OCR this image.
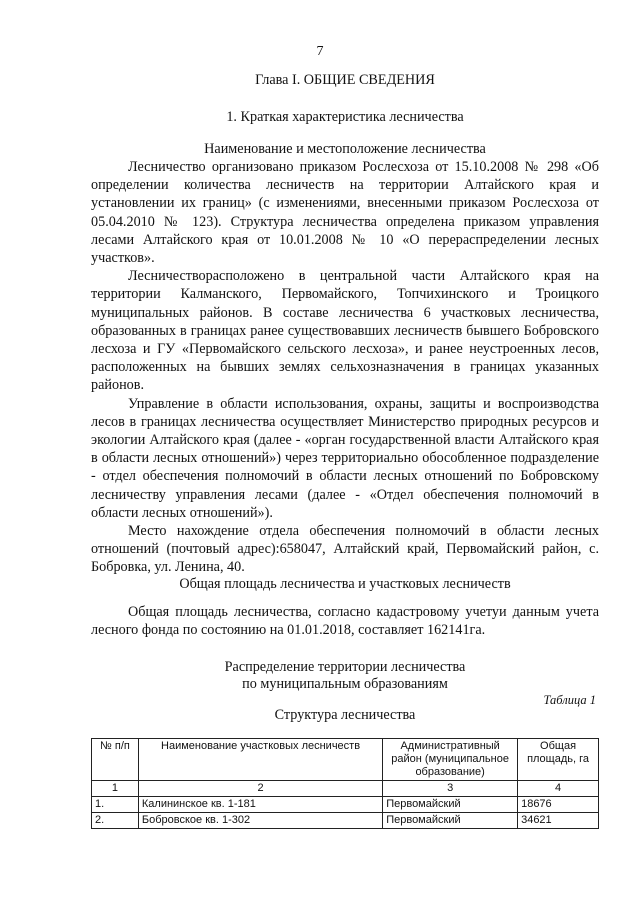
7
Глава I. ОБЩИЕ СВЕДЕНИЯ
1. Краткая характеристика лесничества
Наименование и местоположение лесничества

Лесничество организовано приказом Рослесхоза от 15.10.2008 № 298 «Об определении количества лесничеств на территории Алтайского края и установлении их границ» (с изменениями, внесенными приказом Рослесхоза от 05.04.2010 № 123). Структура лесничества определена приказом управления лесами Алтайского края от 10.01.2008 № 10 «О перераспределении лесных участков».

Лесничестворасположено в центральной части Алтайского края на территории Калманского, Первомайского, Топчихинского и Троицкого муниципальных районов. В составе лесничества 6 участковых лесничества, образованных в границах ранее существовавших лесничеств бывшего Бобровского лесхоза и ГУ «Первомайского сельского лесхоза», и ранее неустроенных лесов, расположенных на бывших землях сельхозназначения в границах указанных районов.

Управление в области использования, охраны, защиты и воспроизводства лесов в границах лесничества осуществляет Министерство природных ресурсов и экологии Алтайского края (далее - «орган государственной власти Алтайского края в области лесных отношений») через территориально обособленное подразделение - отдел обеспечения полномочий в области лесных отношений по Бобровскому лесничеству управления лесами (далее - «Отдел обеспечения полномочий в области лесных отношений»).

Место нахождение отдела обеспечения полномочий в области лесных отношений (почтовый адрес):658047, Алтайский край, Первомайский район, с. Бобровка, ул. Ленина, 40.

Общая площадь лесничества и участковых лесничеств

Общая площадь лесничества, согласно кадастровому учетуи данным учета лесного фонда по состоянию на 01.01.2018, составляет 162141га.

Распределение территории лесничества
по муниципальным образованиям
Таблица 1
Структура лесничества
№ п/п	Наименование участковых лесничеств	Административный район (муниципальное образование)	Общая площадь, га
1	2	3	4
1.	Калининское кв. 1-181	Первомайский	18676
2.	Бобровское кв. 1-302	Первомайский	34621
